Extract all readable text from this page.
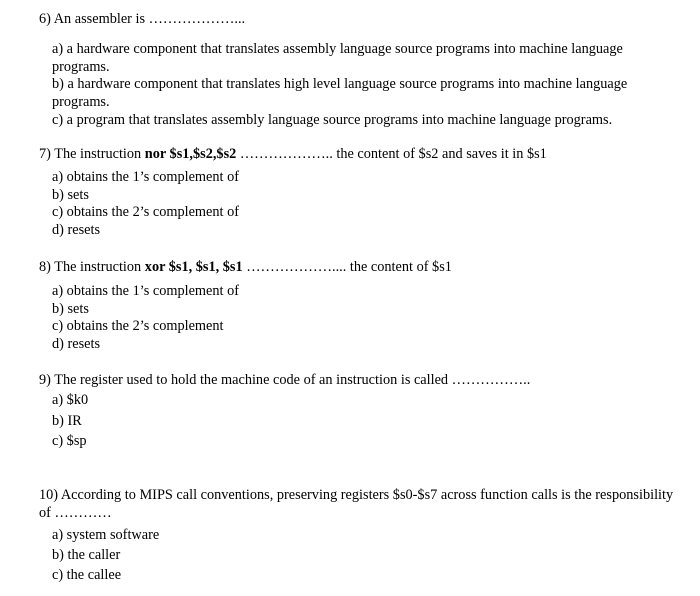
6) An assembler is ………………...
a) a hardware component that translates assembly language source programs into machine language programs.
b) a hardware component that translates high level language source programs into machine language programs.
c) a program that translates assembly language source programs into machine language programs.
7) The instruction nor $s1,$s2,$s2 ……………….. the content of $s2 and saves it in $s1
a) obtains the 1’s complement of
b) sets
c) obtains the 2’s complement of
d) resets
8) The instruction xor $s1, $s1, $s1 ……………….... the content of $s1
a) obtains the 1’s complement of
b) sets
c) obtains the 2’s complement
d) resets
9) The register used to hold the machine code of an instruction is called ……………..
a) $k0
b) IR
c) $sp
10) According to MIPS call conventions, preserving registers $s0-$s7 across function calls is the responsibility of …………
a) system software
b) the caller
c) the callee
